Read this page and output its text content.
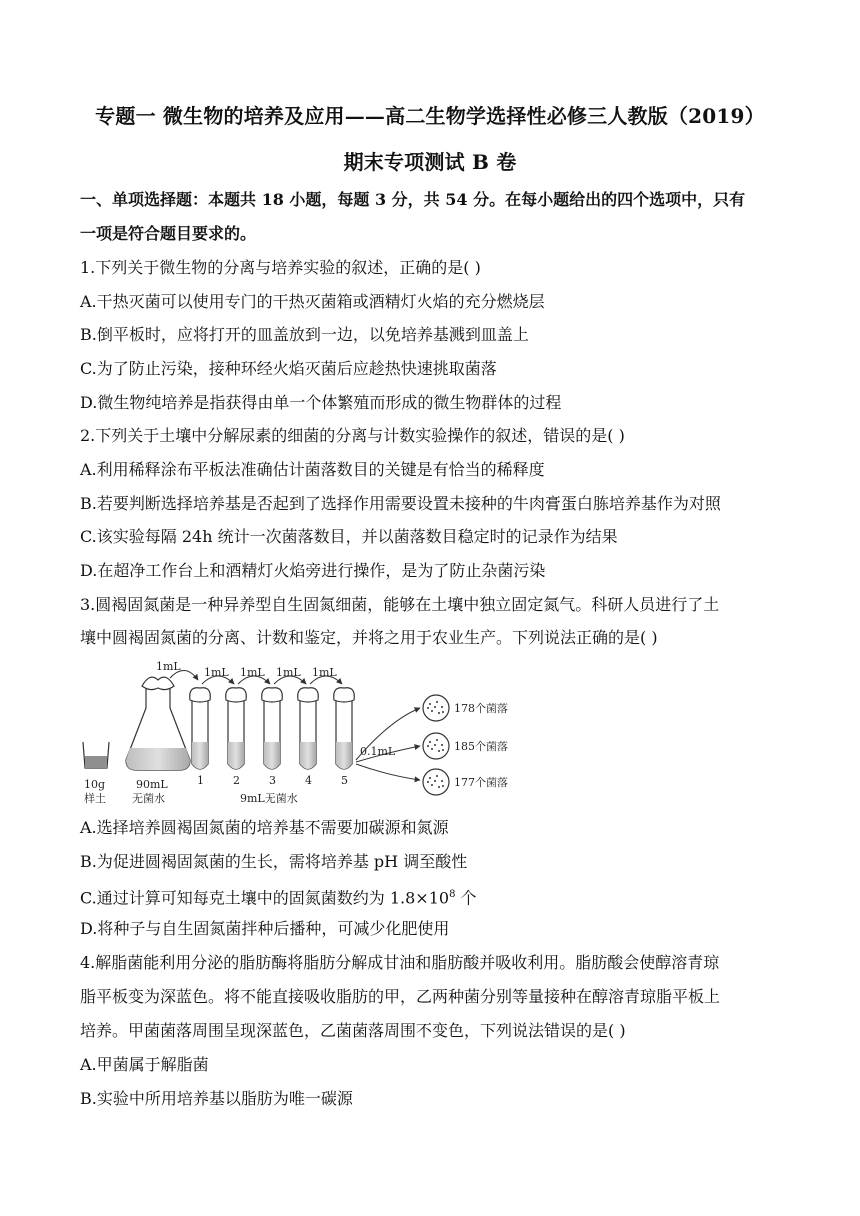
专题一 微生物的培养及应用——高二生物学选择性必修三人教版（2019）
期末专项测试 B 卷
一、单项选择题：本题共 18 小题，每题 3 分，共 54 分。在每小题给出的四个选项中，只有
一项是符合题目要求的。
1.下列关于微生物的分离与培养实验的叙述，正确的是( )
A.干热灭菌可以使用专门的干热灭菌箱或酒精灯火焰的充分燃烧层
B.倒平板时，应将打开的皿盖放到一边，以免培养基溅到皿盖上
C.为了防止污染，接种环经火焰灭菌后应趁热快速挑取菌落
D.微生物纯培养是指获得由单一个体繁殖而形成的微生物群体的过程
2.下列关于土壤中分解尿素的细菌的分离与计数实验操作的叙述，错误的是( )
A.利用稀释涂布平板法准确估计菌落数目的关键是有恰当的稀释度
B.若要判断选择培养基是否起到了选择作用需要设置未接种的牛肉膏蛋白胨培养基作为对照
C.该实验每隔 24h 统计一次菌落数目，并以菌落数目稳定时的记录作为结果
D.在超净工作台上和酒精灯火焰旁进行操作，是为了防止杂菌污染
3.圆褐固氮菌是一种异养型自生固氮细菌，能够在土壤中独立固定氮气。科研人员进行了土
壤中圆褐固氮菌的分离、计数和鉴定，并将之用于农业生产。下列说法正确的是( )
10g
样土
90mL
无菌水
1mL 1mL 1mL 1mL 1mL
1	2	3	4	5
9mL无菌水
0.1mL
178个菌落
185个菌落
177个菌落
A.选择培养圆褐固氮菌的培养基不需要加碳源和氮源
B.为促进圆褐固氮菌的生长，需将培养基 pH 调至酸性
C.通过计算可知每克土壤中的固氮菌数约为 $1.8\times 10^8$ 个
D.将种子与自生固氮菌拌种后播种，可减少化肥使用
4.解脂菌能利用分泌的脂肪酶将脂肪分解成甘油和脂肪酸并吸收利用。脂肪酸会使醇溶青琼
脂平板变为深蓝色。将不能直接吸收脂肪的甲，乙两种菌分别等量接种在醇溶青琼脂平板上
培养。甲菌菌落周围呈现深蓝色，乙菌菌落周围不变色，下列说法错误的是( )
A.甲菌属于解脂菌
B.实验中所用培养基以脂肪为唯一碳源
